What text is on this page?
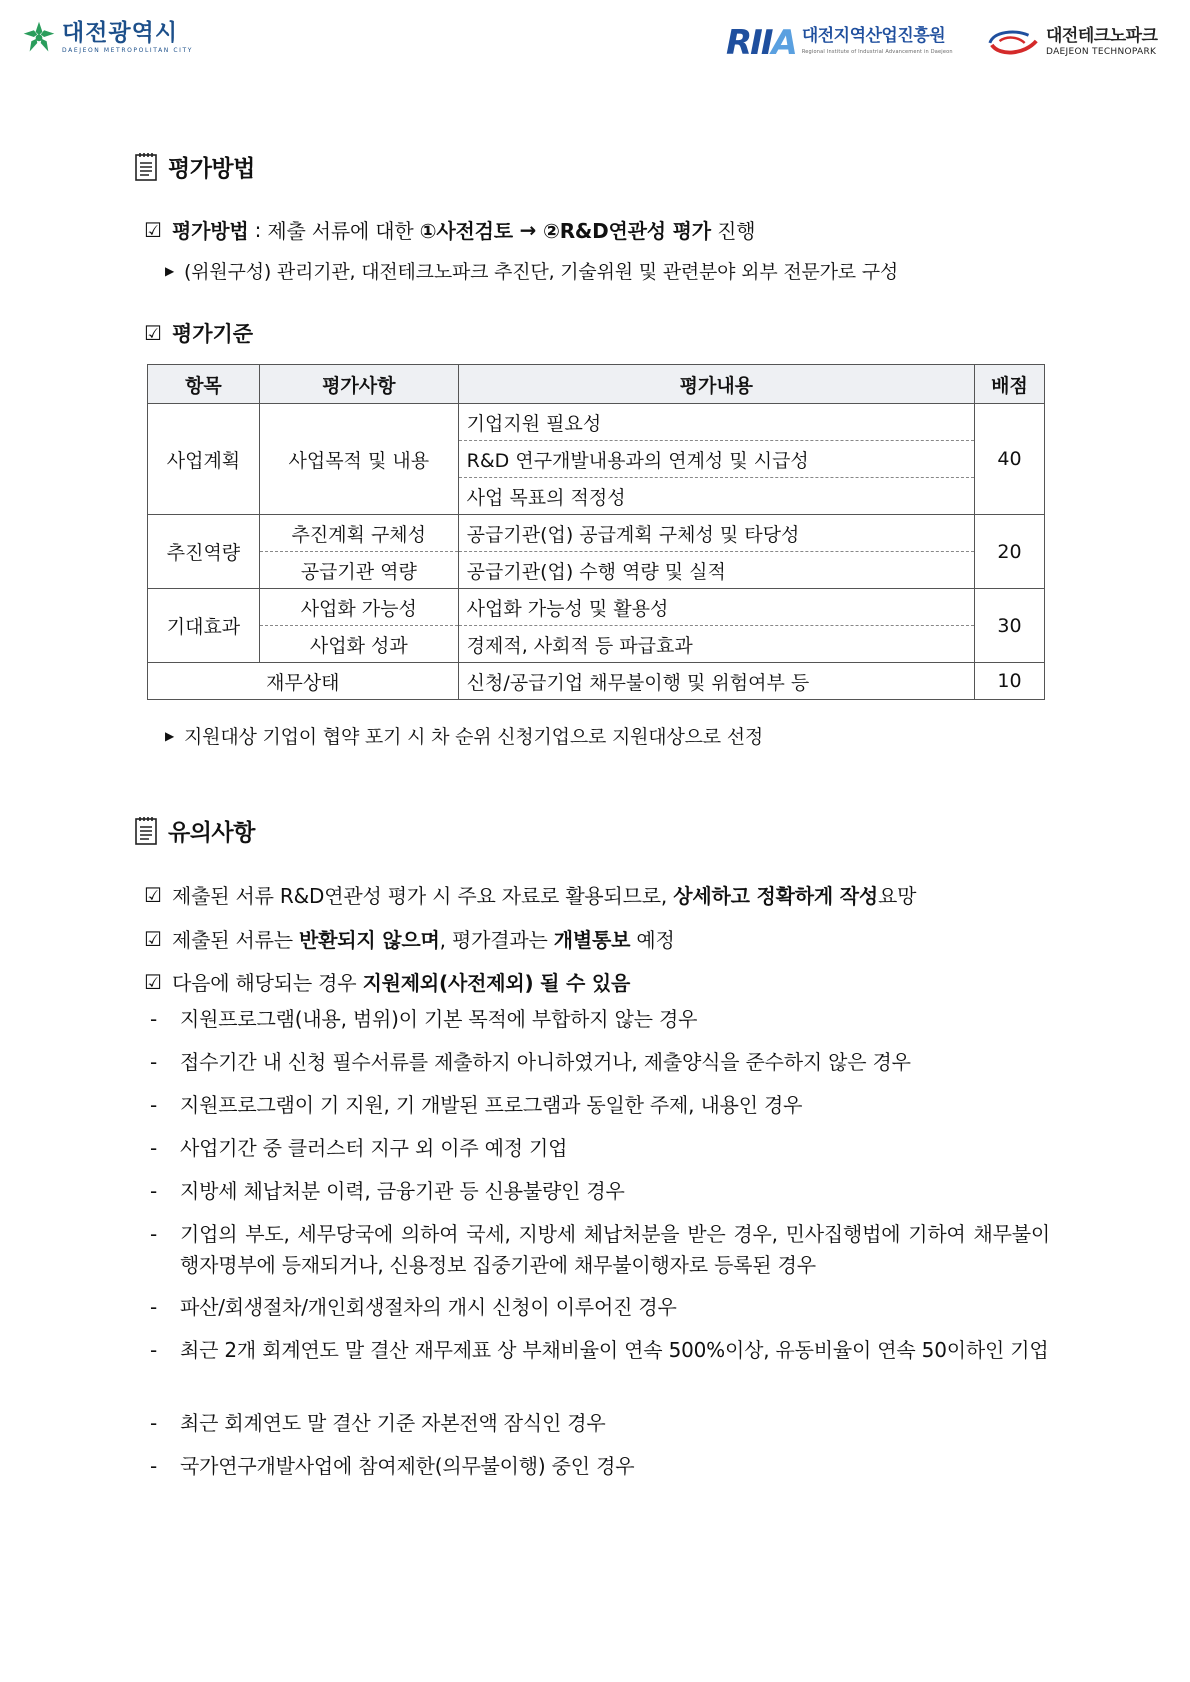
대전광역시
DAEJEON METROPOLITAN CITY	RIIA 대전지역산업진흥원
Regional Institute of Industrial Advancement in Daejeon
대전테크노파크
DAEJEON TECHNOPARK
평가방법
☑ 평가방법 : 제출 서류에 대한 ①사전검토 → ②R&D연관성 평가 진행
▶ (위원구성) 관리기관, 대전테크노파크 추진단, 기술위원 및 관련분야 외부 전문가로 구성
☑ 평가기준
항목	평가사항	평가내용	배점
사업계획	사업목적 및 내용	기업지원 필요성	40
		R&D 연구개발내용과의 연계성 및 시급성	
		사업 목표의 적정성	
추진역량	추진계획 구체성	공급기관(업) 공급계획 구체성 및 타당성	20
	공급기관 역량	공급기관(업) 수행 역량 및 실적	
기대효과	사업화 가능성	사업화 가능성 및 활용성	30
	사업화 성과	경제적, 사회적 등 파급효과	
재무상태		신청/공급기업 채무불이행 및 위험여부 등	10
▶ 지원대상 기업이 협약 포기 시 차 순위 신청기업으로 지원대상으로 선정
유의사항
☑ 제출된 서류 R&D연관성 평가 시 주요 자료로 활용되므로, 상세하고 정확하게 작성 요망
☑ 제출된 서류는 반환되지 않으며 , 평가결과는 개별통보 예정
☑ 다음에 해당되는 경우 지원제외(사전제외) 될 수 있음
-	지원프로그램(내용, 범위)이 기본 목적에 부합하지 않는 경우
-	접수기간 내 신청 필수서류를 제출하지 아니하였거나, 제출양식을 준수하지 않은 경우
-	지원프로그램이 기 지원, 기 개발된 프로그램과 동일한 주제, 내용인 경우
-	사업기간 중 클러스터 지구 외 이주 예정 기업
-	지방세 체납처분 이력, 금융기관 등 신용불량인 경우
-	기업의 부도, 세무당국에 의하여 국세, 지방세 체납처분을 받은 경우, 민사집행법에 기하여 채무불이행자명부에 등재되거나, 신용정보 집중기관에 채무불이행자로 등록된 경우
-	파산/회생절차/개인회생절차의 개시 신청이 이루어진 경우
-	최근 2개 회계연도 말 결산 재무제표 상 부채비율이 연속 500%이상, 유동비율이 연속 50이하인 기업
-	최근 회계연도 말 결산 기준 자본전액 잠식인 경우
-	국가연구개발사업에 참여제한(의무불이행) 중인 경우
